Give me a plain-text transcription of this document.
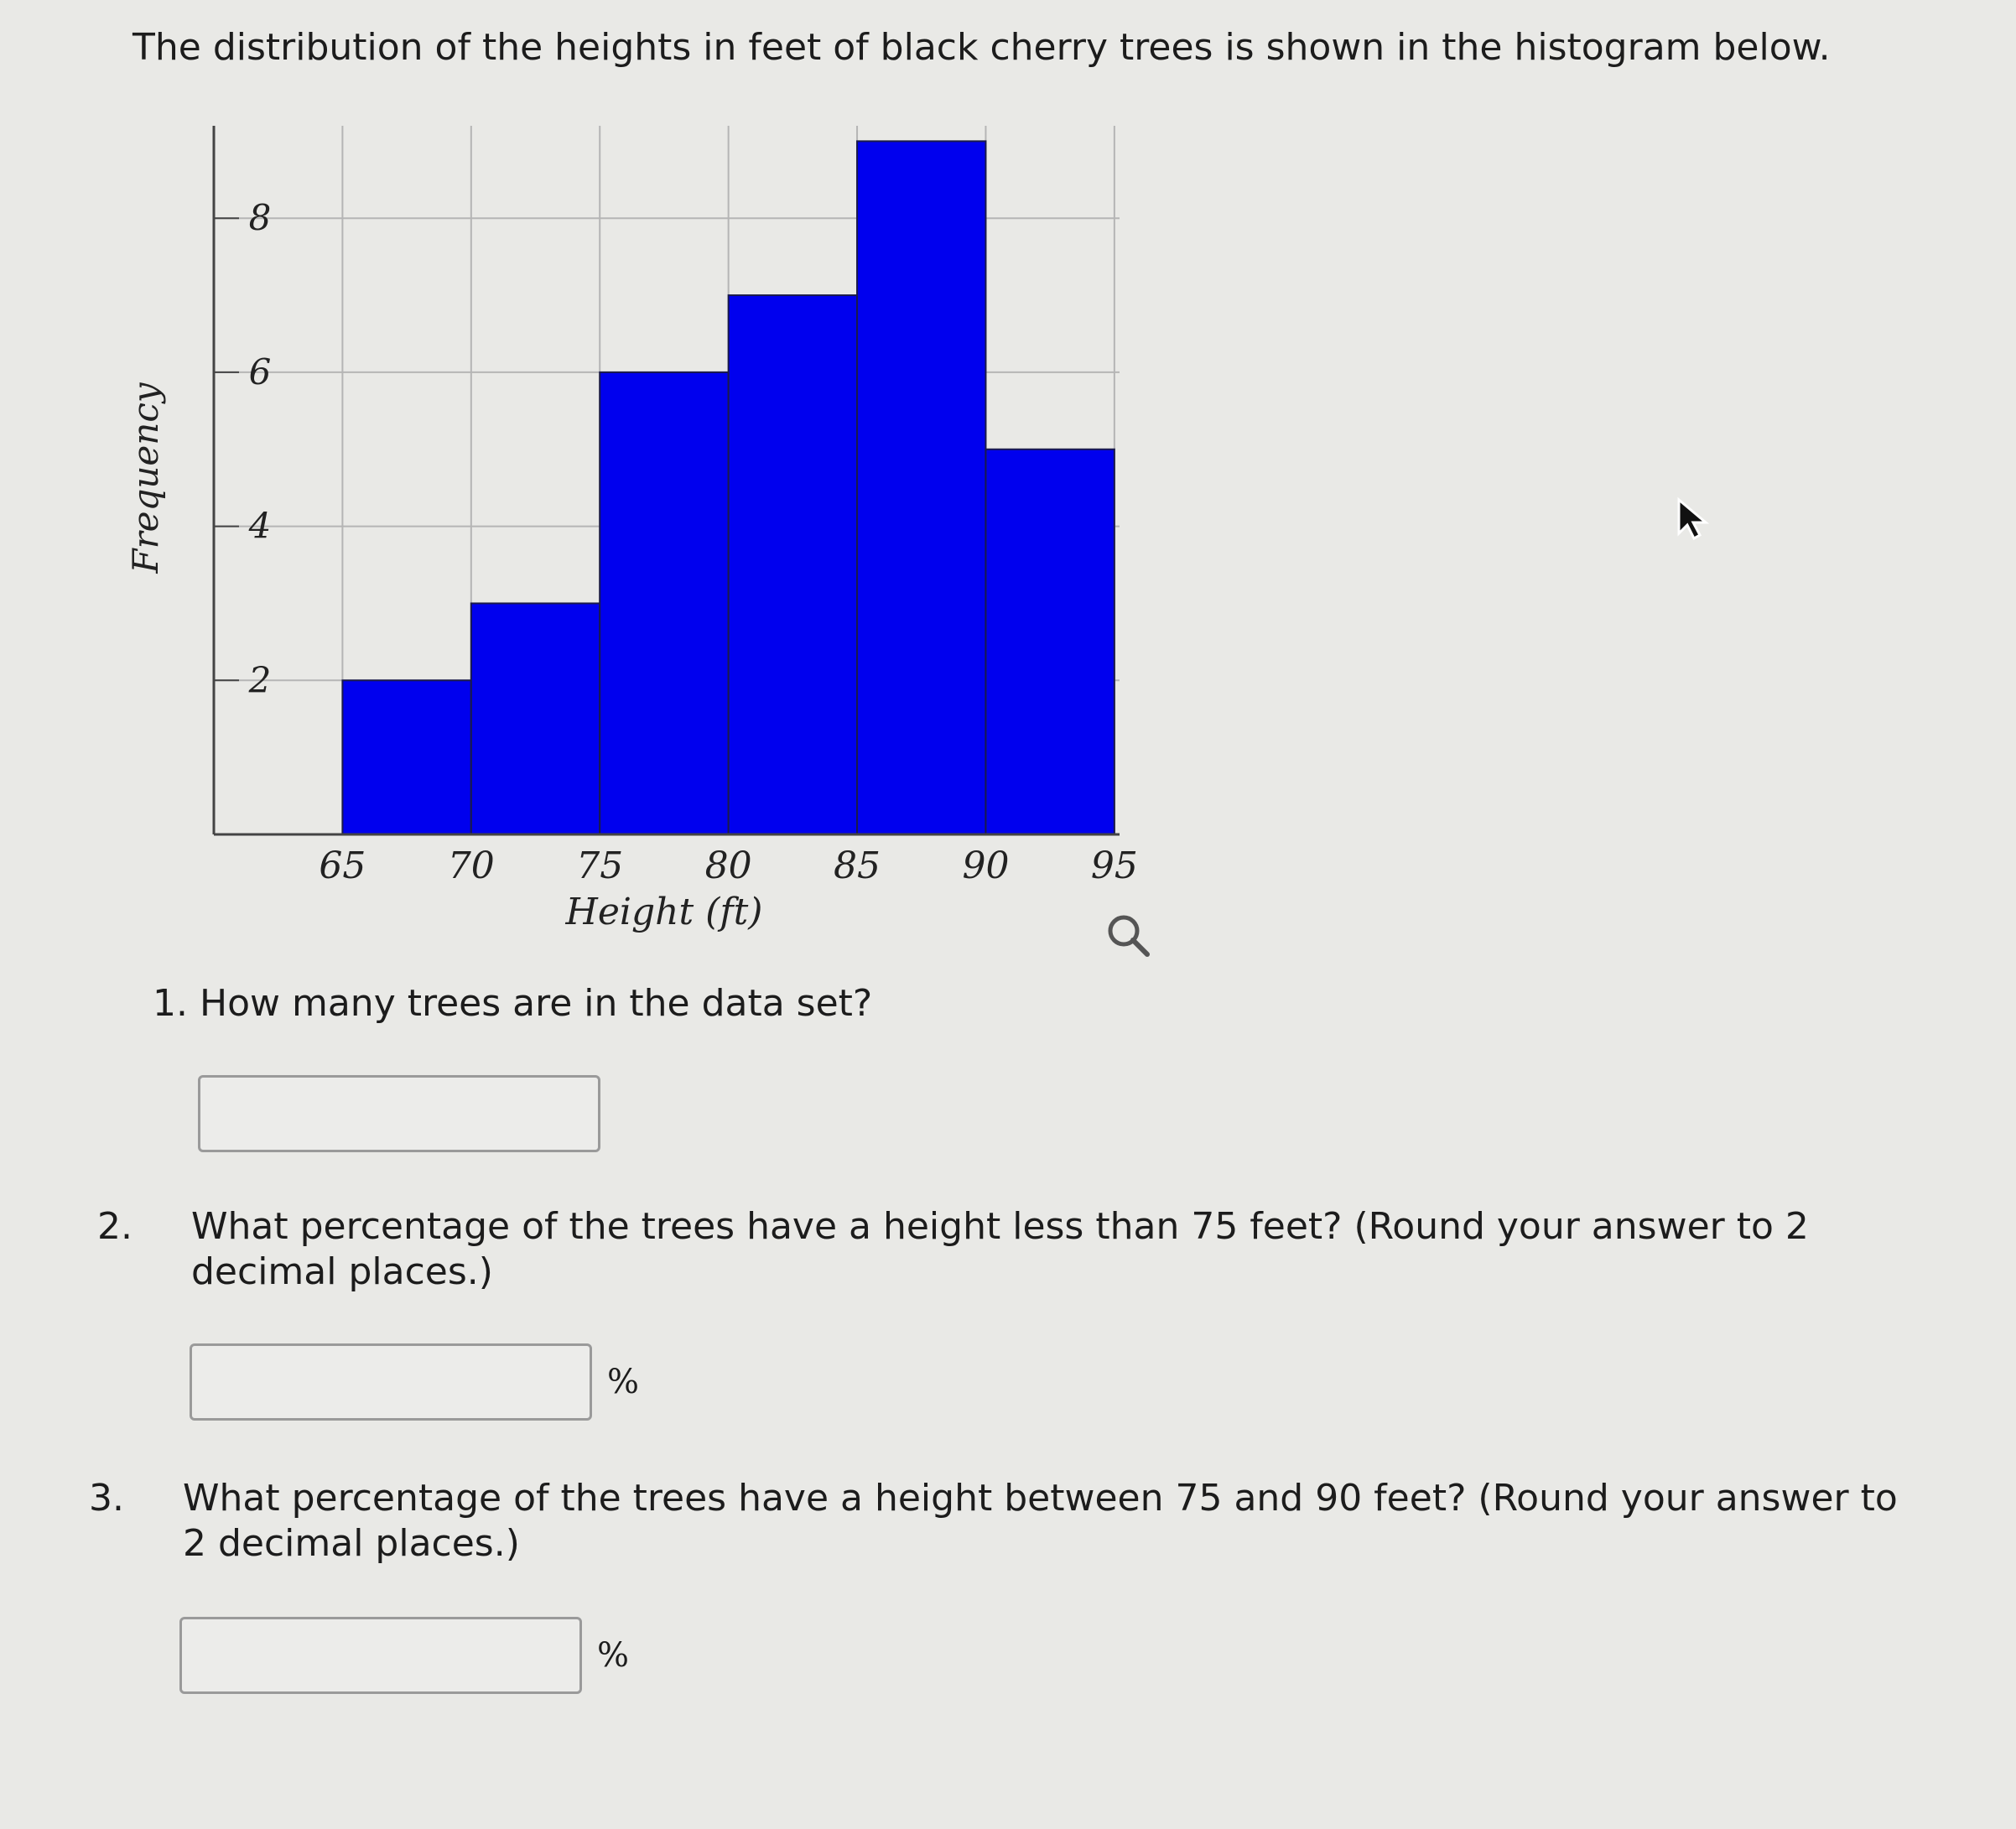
The distribution of the heights in feet of black cherry trees is shown in the histogram below.

2
4
6
8
65 70 75 80 85 90 95
Height (ft)
Frequency
1. How many trees are in the data set?
2. What percentage of the trees have a height less than 75 feet? (Round your answer to 2 decimal places.)
%
3. What percentage of the trees have a height between 75 and 90 feet? (Round your answer to 2 decimal places.)
%
